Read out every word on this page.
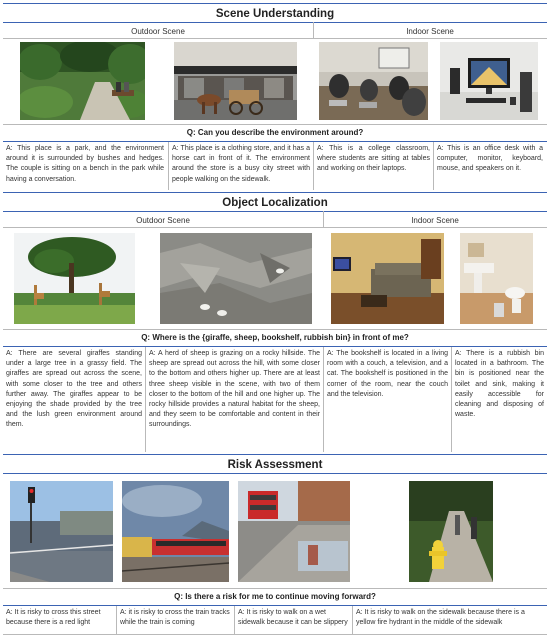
Scene Understanding
Outdoor Scene	Indoor Scene
Q: Can you describe the environment around?
A: This place is a park, and the environment around it is surrounded by bushes and hedges. The couple is sitting on a bench in the park while having a conversation.
A: This place is a clothing store, and it has a horse cart in front of it. The environment around the store is a busy city street with people walking on the sidewalk.
A: This is a college classroom, where students are sitting at tables and working on their laptops.
A: This is an office desk with a computer, monitor, keyboard, mouse, and speakers on it.
Object Localization
Outdoor Scene	Indoor Scene
Q: Where is the {giraffe, sheep, bookshelf, rubbish bin} in front of me?
A: There are several giraffes standing under a large tree in a grassy field. The giraffes are spread out across the scene, with some closer to the tree and others further away. The giraffes appear to be enjoying the shade provided by the tree and the lush green environment around them.
A: A herd of sheep is grazing on a rocky hillside. The sheep are spread out across the hill, with some closer to the bottom and others higher up. There are at least three sheep visible in the scene, with two of them closer to the bottom of the hill and one higher up. The rocky hillside provides a natural habitat for the sheep, and they seem to be comfortable and content in their surroundings.
A: The bookshelf is located in a living room with a couch, a television, and a cat. The bookshelf is positioned in the corner of the room, near the couch and the television.
A: There is a rubbish bin located in a bathroom. The bin is positioned near the toilet and sink, making it easily accessible for cleaning and disposing of waste.
Risk Assessment
Q: Is there a risk for me to continue moving forward?
A: It is risky to cross this street because there is a red light
A: it is risky to cross the train tracks while the train is coming
A: It is risky to walk on a wet sidewalk because it can be slippery
A: It is risky to walk on the sidewalk because there is a yellow fire hydrant in the middle of the sidewalk
